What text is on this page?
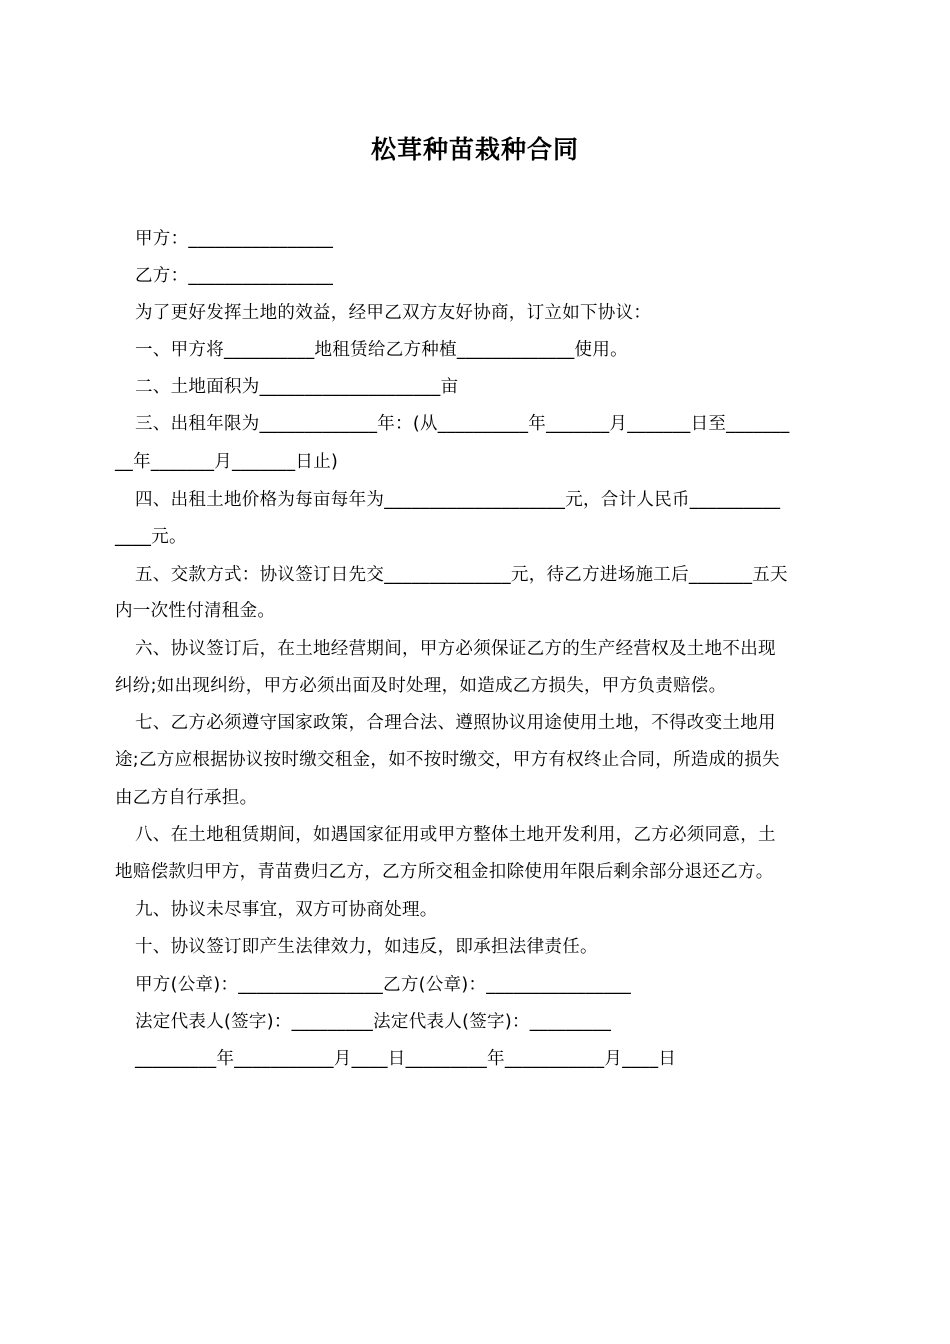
松茸种苗栽种合同
甲方：________________
乙方：________________
为了更好发挥土地的效益，经甲乙双方友好协商，订立如下协议：
一、甲方将__________地租赁给乙方种植_____________使用。
二、土地面积为____________________亩
三、出租年限为_____________年：(从__________年_______月_______日至_______
__年_______月_______日止)
四、出租土地价格为每亩每年为____________________元，合计人民币__________
____元。
五、交款方式：协议签订日先交______________元，待乙方进场施工后_______五天
内一次性付清租金。
六、协议签订后，在土地经营期间，甲方必须保证乙方的生产经营权及土地不出现
纠纷;如出现纠纷，甲方必须出面及时处理，如造成乙方损失，甲方负责赔偿。
七、乙方必须遵守国家政策，合理合法、遵照协议用途使用土地，不得改变土地用
途;乙方应根据协议按时缴交租金，如不按时缴交，甲方有权终止合同，所造成的损失
由乙方自行承担。
八、在土地租赁期间，如遇国家征用或甲方整体土地开发利用，乙方必须同意，土
地赔偿款归甲方，青苗费归乙方，乙方所交租金扣除使用年限后剩余部分退还乙方。
九、协议未尽事宜，双方可协商处理。
十、协议签订即产生法律效力，如违反，即承担法律责任。
甲方(公章)：________________乙方(公章)：________________
法定代表人(签字)：_________法定代表人(签字)：_________
_________年___________月____日_________年___________月____日
